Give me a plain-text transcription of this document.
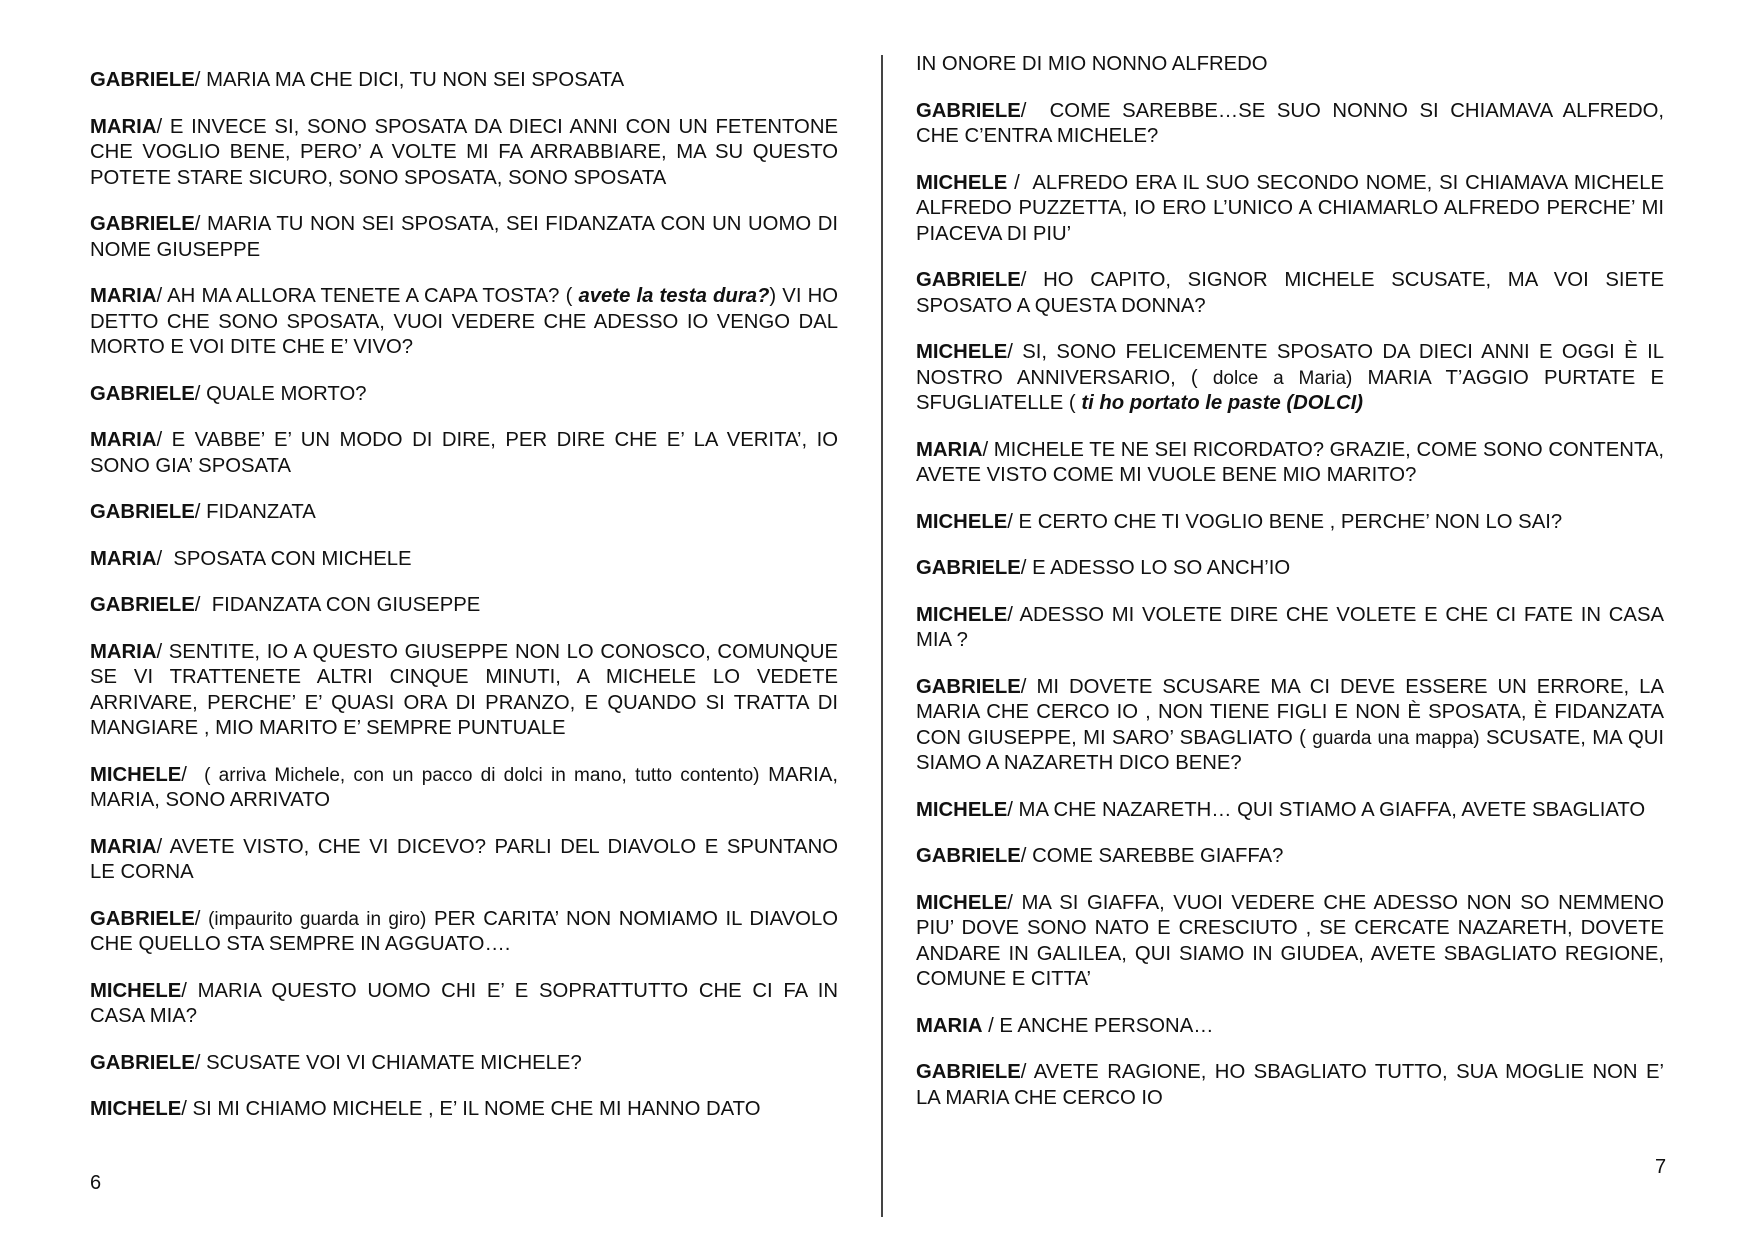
GABRIELE/ MARIA MA CHE DICI, TU NON SEI SPOSATA

MARIA/ E INVECE SI, SONO SPOSATA DA DIECI ANNI CON UN FETENTONE CHE VOGLIO BENE, PERO’ A VOLTE MI FA ARRABBIARE, MA SU QUESTO POTETE STARE SICURO, SONO SPOSATA, SONO SPOSATA

GABRIELE/ MARIA TU NON SEI SPOSATA, SEI FIDANZATA CON UN UOMO DI NOME GIUSEPPE

MARIA/ AH MA ALLORA TENETE A CAPA TOSTA? ( avete la testa dura?) VI HO DETTO CHE SONO SPOSATA, VUOI VEDERE CHE ADESSO IO VENGO DAL MORTO E VOI DITE CHE E’ VIVO?

GABRIELE/ QUALE MORTO?

MARIA/ E VABBE’ E’ UN MODO DI DIRE, PER DIRE CHE E’ LA VERITA’, IO SONO GIA’ SPOSATA

GABRIELE/ FIDANZATA

MARIA/  SPOSATA CON MICHELE

GABRIELE/  FIDANZATA CON GIUSEPPE

MARIA/ SENTITE, IO A QUESTO GIUSEPPE NON LO CONOSCO, COMUNQUE SE VI TRATTENETE ALTRI CINQUE MINUTI, A MICHELE LO VEDETE ARRIVARE, PERCHE’ E’ QUASI ORA DI PRANZO, E QUANDO SI TRATTA DI MANGIARE , MIO MARITO E’ SEMPRE PUNTUALE

MICHELE/  ( arriva Michele, con un pacco di dolci in mano, tutto contento) MARIA, MARIA, SONO ARRIVATO

MARIA/ AVETE VISTO, CHE VI DICEVO? PARLI DEL DIAVOLO E SPUNTANO LE CORNA

GABRIELE/ (impaurito guarda in giro) PER CARITA’ NON NOMIAMO IL DIAVOLO CHE QUELLO STA SEMPRE IN AGGUATO….

MICHELE/ MARIA QUESTO UOMO CHI E’ E SOPRATTUTTO CHE CI FA IN CASA MIA?

GABRIELE/ SCUSATE VOI VI CHIAMATE MICHELE?

MICHELE/ SI MI CHIAMO MICHELE , E’ IL NOME CHE MI HANNO DATO

6

IN ONORE DI MIO NONNO ALFREDO

GABRIELE/  COME SAREBBE…SE SUO NONNO SI CHIAMAVA ALFREDO, CHE C’ENTRA MICHELE?

MICHELE /  ALFREDO ERA IL SUO SECONDO NOME, SI CHIAMAVA MICHELE ALFREDO PUZZETTA, IO ERO L’UNICO A CHIAMARLO ALFREDO PERCHE’ MI PIACEVA DI PIU’

GABRIELE/ HO CAPITO, SIGNOR MICHELE SCUSATE, MA VOI SIETE SPOSATO A QUESTA DONNA?

MICHELE/ SI, SONO FELICEMENTE SPOSATO DA DIECI ANNI E OGGI È IL NOSTRO ANNIVERSARIO, ( dolce a Maria) MARIA T’AGGIO PURTATE E SFUGLIATELLE ( ti ho portato le paste (DOLCI)

MARIA/ MICHELE TE NE SEI RICORDATO? GRAZIE, COME SONO CONTENTA, AVETE VISTO COME MI VUOLE BENE MIO MARITO?

MICHELE/ E CERTO CHE TI VOGLIO BENE , PERCHE’ NON LO SAI?

GABRIELE/ E ADESSO LO SO ANCH’IO

MICHELE/ ADESSO MI VOLETE DIRE CHE VOLETE E CHE CI FATE IN CASA MIA ?

GABRIELE/ MI DOVETE SCUSARE MA CI DEVE ESSERE UN ERRORE, LA MARIA CHE CERCO IO , NON TIENE FIGLI E NON È SPOSATA, È FIDANZATA CON GIUSEPPE, MI SARO’ SBAGLIATO ( guarda una mappa) SCUSATE, MA QUI SIAMO A NAZARETH DICO BENE?

MICHELE/ MA CHE NAZARETH… QUI STIAMO A GIAFFA, AVETE SBAGLIATO

GABRIELE/ COME SAREBBE GIAFFA?

MICHELE/ MA SI GIAFFA, VUOI VEDERE CHE ADESSO NON SO NEMMENO PIU’ DOVE SONO NATO E CRESCIUTO , SE CERCATE NAZARETH, DOVETE ANDARE IN GALILEA, QUI SIAMO IN GIUDEA, AVETE SBAGLIATO REGIONE, COMUNE E CITTA’

MARIA / E ANCHE PERSONA…

GABRIELE/ AVETE RAGIONE, HO SBAGLIATO TUTTO, SUA MOGLIE NON E’ LA MARIA CHE CERCO IO

7
